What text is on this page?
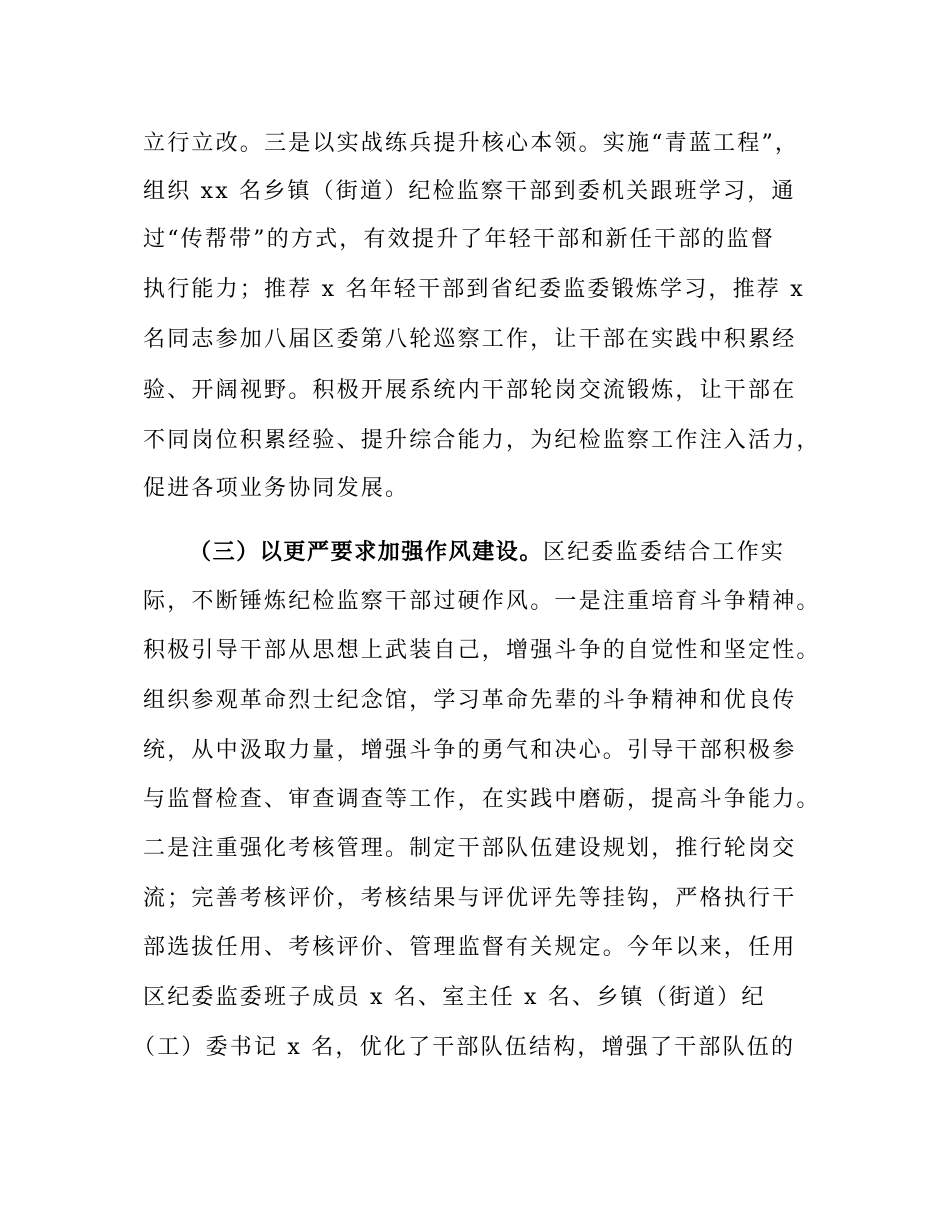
立行立改。三是以实战练兵提升核心本领。实施“青蓝工程”，
组织 xx 名乡镇（街道）纪检监察干部到委机关跟班学习，通
过“传帮带”的方式，有效提升了年轻干部和新任干部的监督
执行能力；推荐 x 名年轻干部到省纪委监委锻炼学习，推荐 x
名同志参加八届区委第八轮巡察工作，让干部在实践中积累经
验、开阔视野。积极开展系统内干部轮岗交流锻炼，让干部在
不同岗位积累经验、提升综合能力，为纪检监察工作注入活力，
促进各项业务协同发展。
（三）以更严要求加强作风建设。区纪委监委结合工作实
际，不断锤炼纪检监察干部过硬作风。一是注重培育斗争精神。
积极引导干部从思想上武装自己，增强斗争的自觉性和坚定性。
组织参观革命烈士纪念馆，学习革命先辈的斗争精神和优良传
统，从中汲取力量，增强斗争的勇气和决心。引导干部积极参
与监督检查、审查调查等工作，在实践中磨砺，提高斗争能力。
二是注重强化考核管理。制定干部队伍建设规划，推行轮岗交
流；完善考核评价，考核结果与评优评先等挂钩，严格执行干
部选拔任用、考核评价、管理监督有关规定。今年以来，任用
区纪委监委班子成员 x 名、室主任 x 名、乡镇（街道）纪
（工）委书记 x 名，优化了干部队伍结构，增强了干部队伍的
